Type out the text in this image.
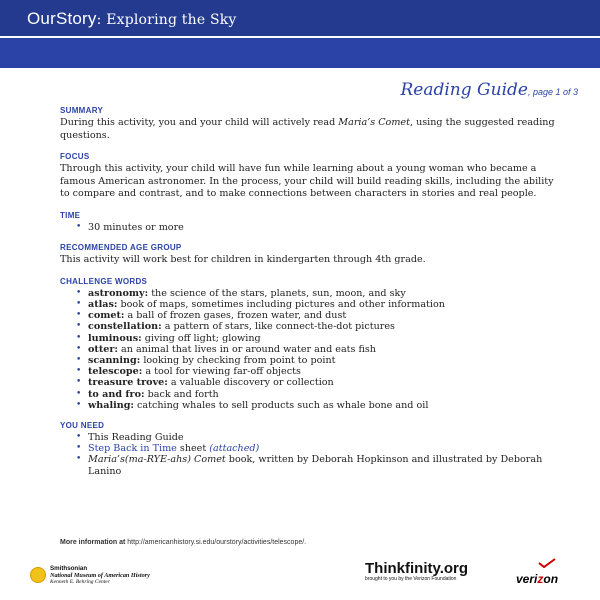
OurStory: Exploring the Sky
Reading Maria’s Comet	Reading Guide, page 1 of 3
SUMMARY

During this activity, you and your child will actively read Maria’s Comet, using the suggested reading questions.

FOCUS

Through this activity, your child will have fun while learning about a young woman who became a famous American astronomer. In the process, your child will build reading skills, including the ability to compare and contrast, and to make connections between characters in stories and real people.

TIME
• 30 minutes or more
RECOMMENDED AGE GROUP

This activity will work best for children in kindergarten through 4th grade.

CHALLENGE WORDS
• astronomy: the science of the stars, planets, sun, moon, and sky
• atlas: book of maps, sometimes including pictures and other information
• comet: a ball of frozen gases, frozen water, and dust
• constellation: a pattern of stars, like connect-the-dot pictures
• luminous: giving off light; glowing
• otter: an animal that lives in or around water and eats fish
• scanning: looking by checking from point to point
• telescope: a tool for viewing far-off objects
• treasure trove: a valuable discovery or collection
• to and fro: back and forth
• whaling: catching whales to sell products such as whale bone and oil
YOU NEED
• This Reading Guide
• Step Back in Time sheet (attached)
• Maria’s(ma-RYE-ahs) Comet book, written by Deborah Hopkinson and illustrated by Deborah Lanino
More information at http://americanhistory.si.edu/ourstory/activities/telescope/.
Smithsonian
National Museum of American History
Kenneth E. Behring Center
Thinkfinity.org
brought to you by the Verizon Foundation	verizon
